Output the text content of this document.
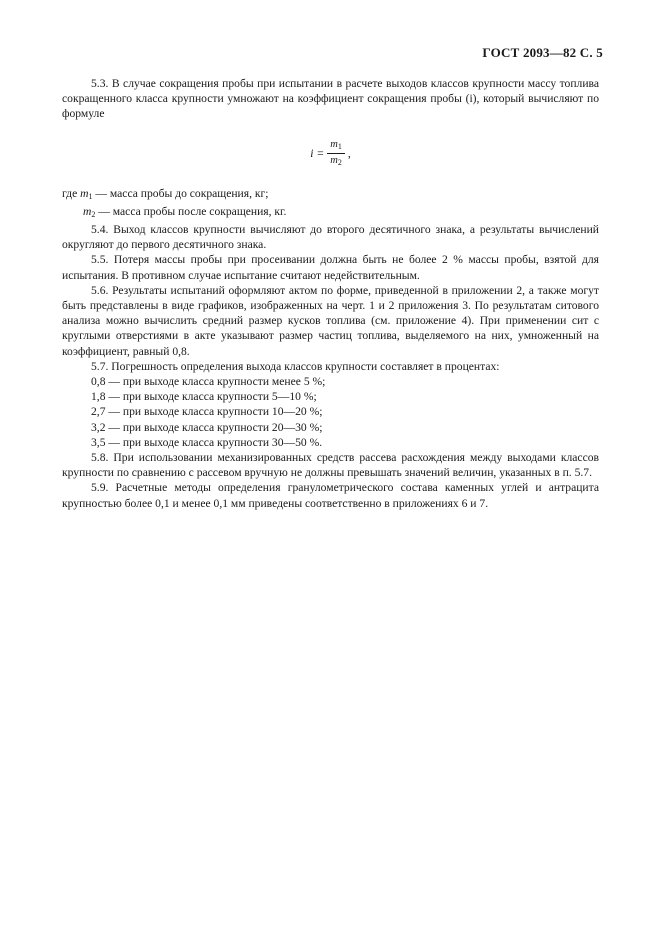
ГОСТ 2093—82 С. 5

5.3. В случае сокращения пробы при испытании в расчете выходов классов крупности массу топлива сокращенного класса крупности умножают на коэффициент сокращения пробы (i), который вычисляют по формуле

$i = \frac{m_1}{m_2}$ ,

где $m_1$ — масса пробы до сокращения, кг;

$m_2$ — масса пробы после сокращения, кг.

5.4. Выход классов крупности вычисляют до второго десятичного знака, а результаты вычислений округляют до первого десятичного знака.

5.5. Потеря массы пробы при просеивании должна быть не более 2 % массы пробы, взятой для испытания. В противном случае испытание считают недействительным.

5.6. Результаты испытаний оформляют актом по форме, приведенной в приложении 2, а также могут быть представлены в виде графиков, изображенных на черт. 1 и 2 приложения 3. По результатам ситового анализа можно вычислить средний размер кусков топлива (см. приложение 4). При применении сит с круглыми отверстиями в акте указывают размер частиц топлива, выделяемого на них, умноженный на коэффициент, равный 0,8.

5.7. Погрешность определения выхода классов крупности составляет в процентах:

0,8 — при выходе класса крупности менее 5 %;

1,8 — при выходе класса крупности 5—10 %;

2,7 — при выходе класса крупности 10—20 %;

3,2 — при выходе класса крупности 20—30 %;

3,5 — при выходе класса крупности 30—50 %.

5.8. При использовании механизированных средств рассева расхождения между выходами классов крупности по сравнению с рассевом вручную не должны превышать значений величин, указанных в п. 5.7.

5.9. Расчетные методы определения гранулометрического состава каменных углей и антрацита крупностью более 0,1 и менее 0,1 мм приведены соответственно в приложениях 6 и 7.
